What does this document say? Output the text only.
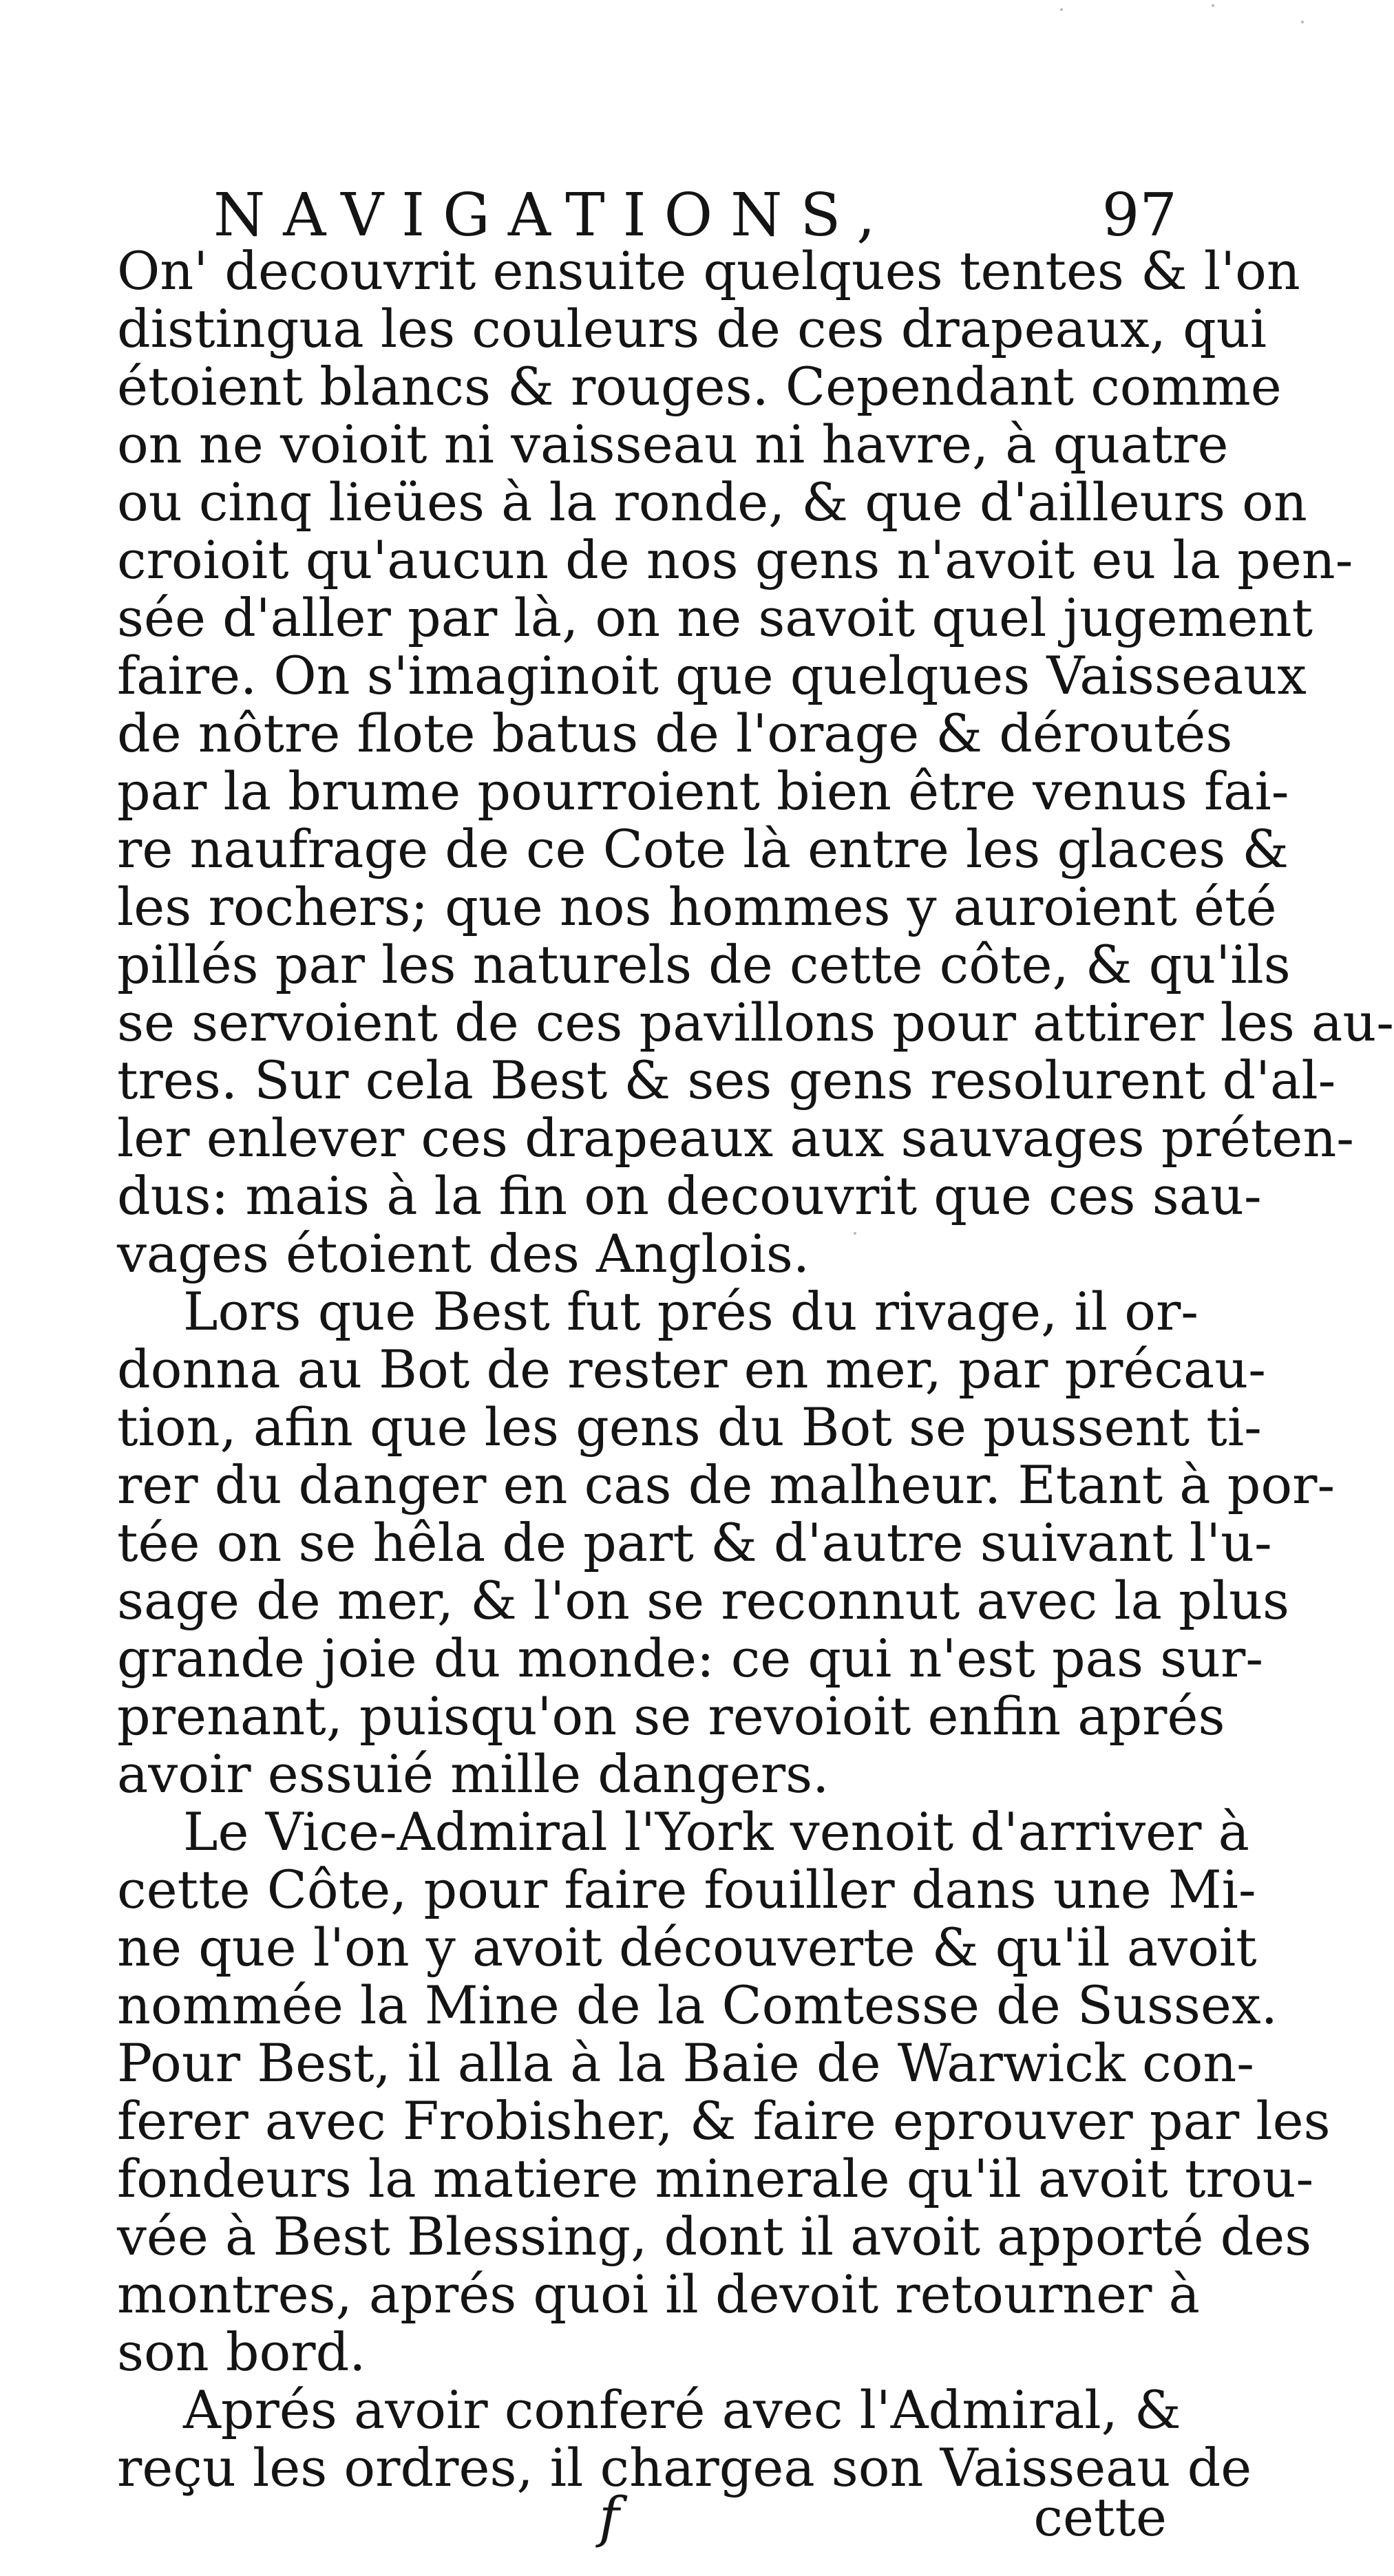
NAVIGATIONS,	97
On' decouvrit ensuite quelques tentes & l'on
distingua les couleurs de ces drapeaux, qui
étoient blancs & rouges. Cependant comme
on ne voioit ni vaisseau ni havre, à quatre
ou cinq lieües à la ronde, & que d'ailleurs on
croioit qu'aucun de nos gens n'avoit eu la pen-
sée d'aller par là, on ne savoit quel jugement
faire. On s'imaginoit que quelques Vaisseaux
de nôtre flote batus de l'orage & déroutés
par la brume pourroient bien être venus fai-
re naufrage de ce Cote là entre les glaces &
les rochers; que nos hommes y auroient été
pillés par les naturels de cette côte, & qu'ils
se servoient de ces pavillons pour attirer les au-
tres. Sur cela Best & ses gens resolurent d'al-
ler enlever ces drapeaux aux sauvages préten-
dus: mais à la fin on decouvrit que ces sau-
vages étoient des Anglois.
Lors que Best fut prés du rivage, il or-
donna au Bot de rester en mer, par précau-
tion, afin que les gens du Bot se pussent ti-
rer du danger en cas de malheur. Etant à por-
tée on se hêla de part & d'autre suivant l'u-
sage de mer, & l'on se reconnut avec la plus
grande joie du monde: ce qui n'est pas sur-
prenant, puisqu'on se revoioit enfin aprés
avoir essuié mille dangers.
Le Vice-Admiral l'York venoit d'arriver à
cette Côte, pour faire fouiller dans une Mi-
ne que l'on y avoit découverte & qu'il avoit
nommée la Mine de la Comtesse de Sussex.
Pour Best, il alla à la Baie de Warwick con-
ferer avec Frobisher, & faire eprouver par les
fondeurs la matiere minerale qu'il avoit trou-
vée à Best Blessing, dont il avoit apporté des
montres, aprés quoi il devoit retourner à
son bord.
Aprés avoir conferé avec l'Admiral, &
reçu les ordres, il chargea son Vaisseau de
f	cette
